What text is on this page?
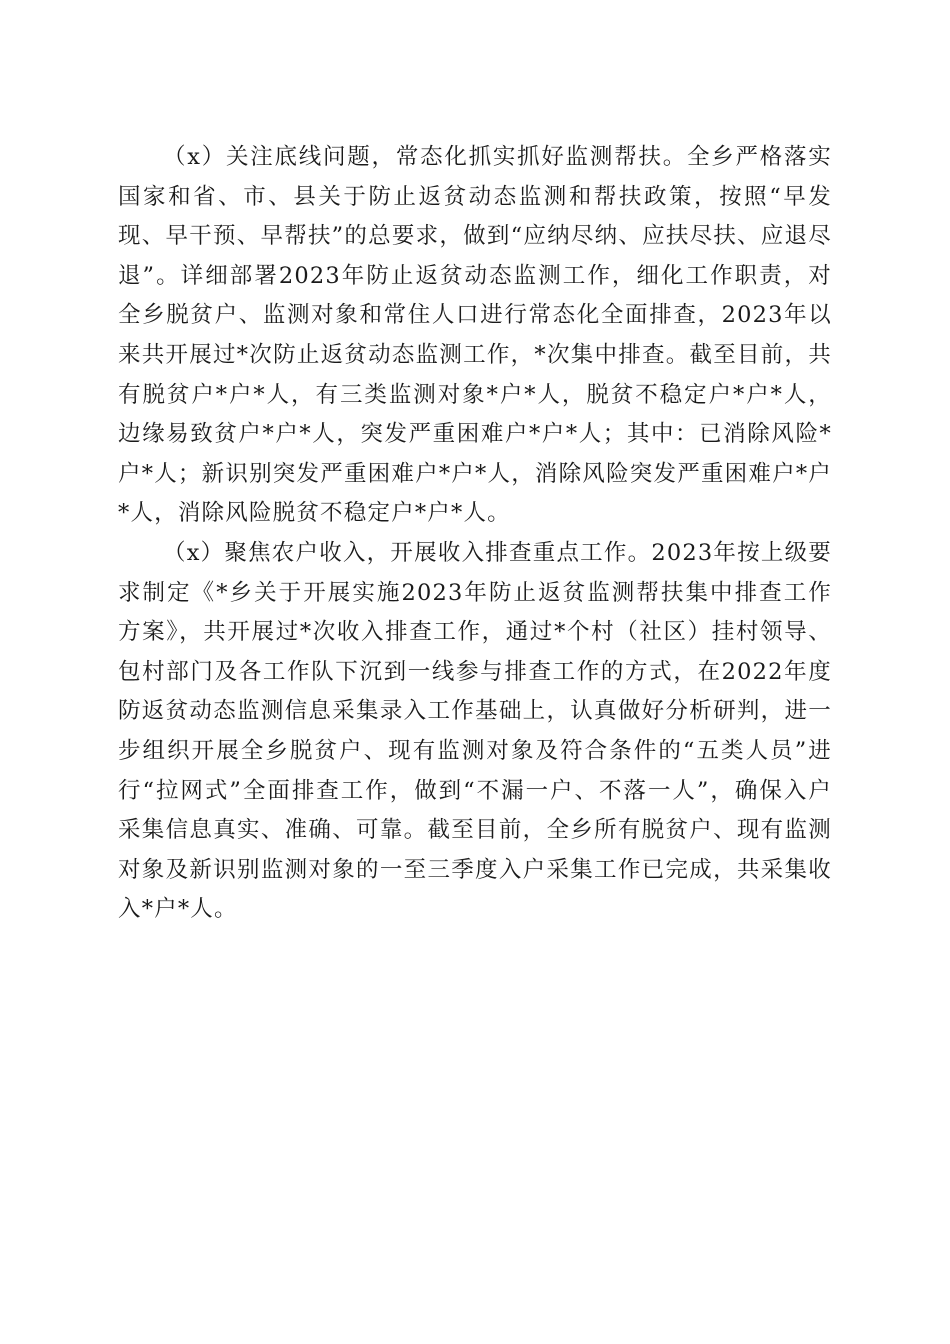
（x）关注底线问题，常态化抓实抓好监测帮扶。全乡严格落实国家和省、市、县关于防止返贫动态监测和帮扶政策，按照“早发现、早干预、早帮扶”的总要求，做到“应纳尽纳、应扶尽扶、应退尽退”。详细部署2023年防止返贫动态监测工作，细化工作职责，对全乡脱贫户、监测对象和常住人口进行常态化全面排查，2023年以来共开展过*次防止返贫动态监测工作，*次集中排查。截至目前，共有脱贫户*户*人，有三类监测对象*户*人，脱贫不稳定户*户*人，边缘易致贫户*户*人，突发严重困难户*户*人；其中：已消除风险*户*人；新识别突发严重困难户*户*人，消除风险突发严重困难户*户*人，消除风险脱贫不稳定户*户*人。

（x）聚焦农户收入，开展收入排查重点工作。2023年按上级要求制定《*乡关于开展实施2023年防止返贫监测帮扶集中排查工作方案》，共开展过*次收入排查工作，通过*个村（社区）挂村领导、包村部门及各工作队下沉到一线参与排查工作的方式，在2022年度防返贫动态监测信息采集录入工作基础上，认真做好分析研判，进一步组织开展全乡脱贫户、现有监测对象及符合条件的“五类人员”进行“拉网式”全面排查工作，做到“不漏一户、不落一人”，确保入户采集信息真实、准确、可靠。截至目前，全乡所有脱贫户、现有监测对象及新识别监测对象的一至三季度入户采集工作已完成，共采集收入*户*人。
